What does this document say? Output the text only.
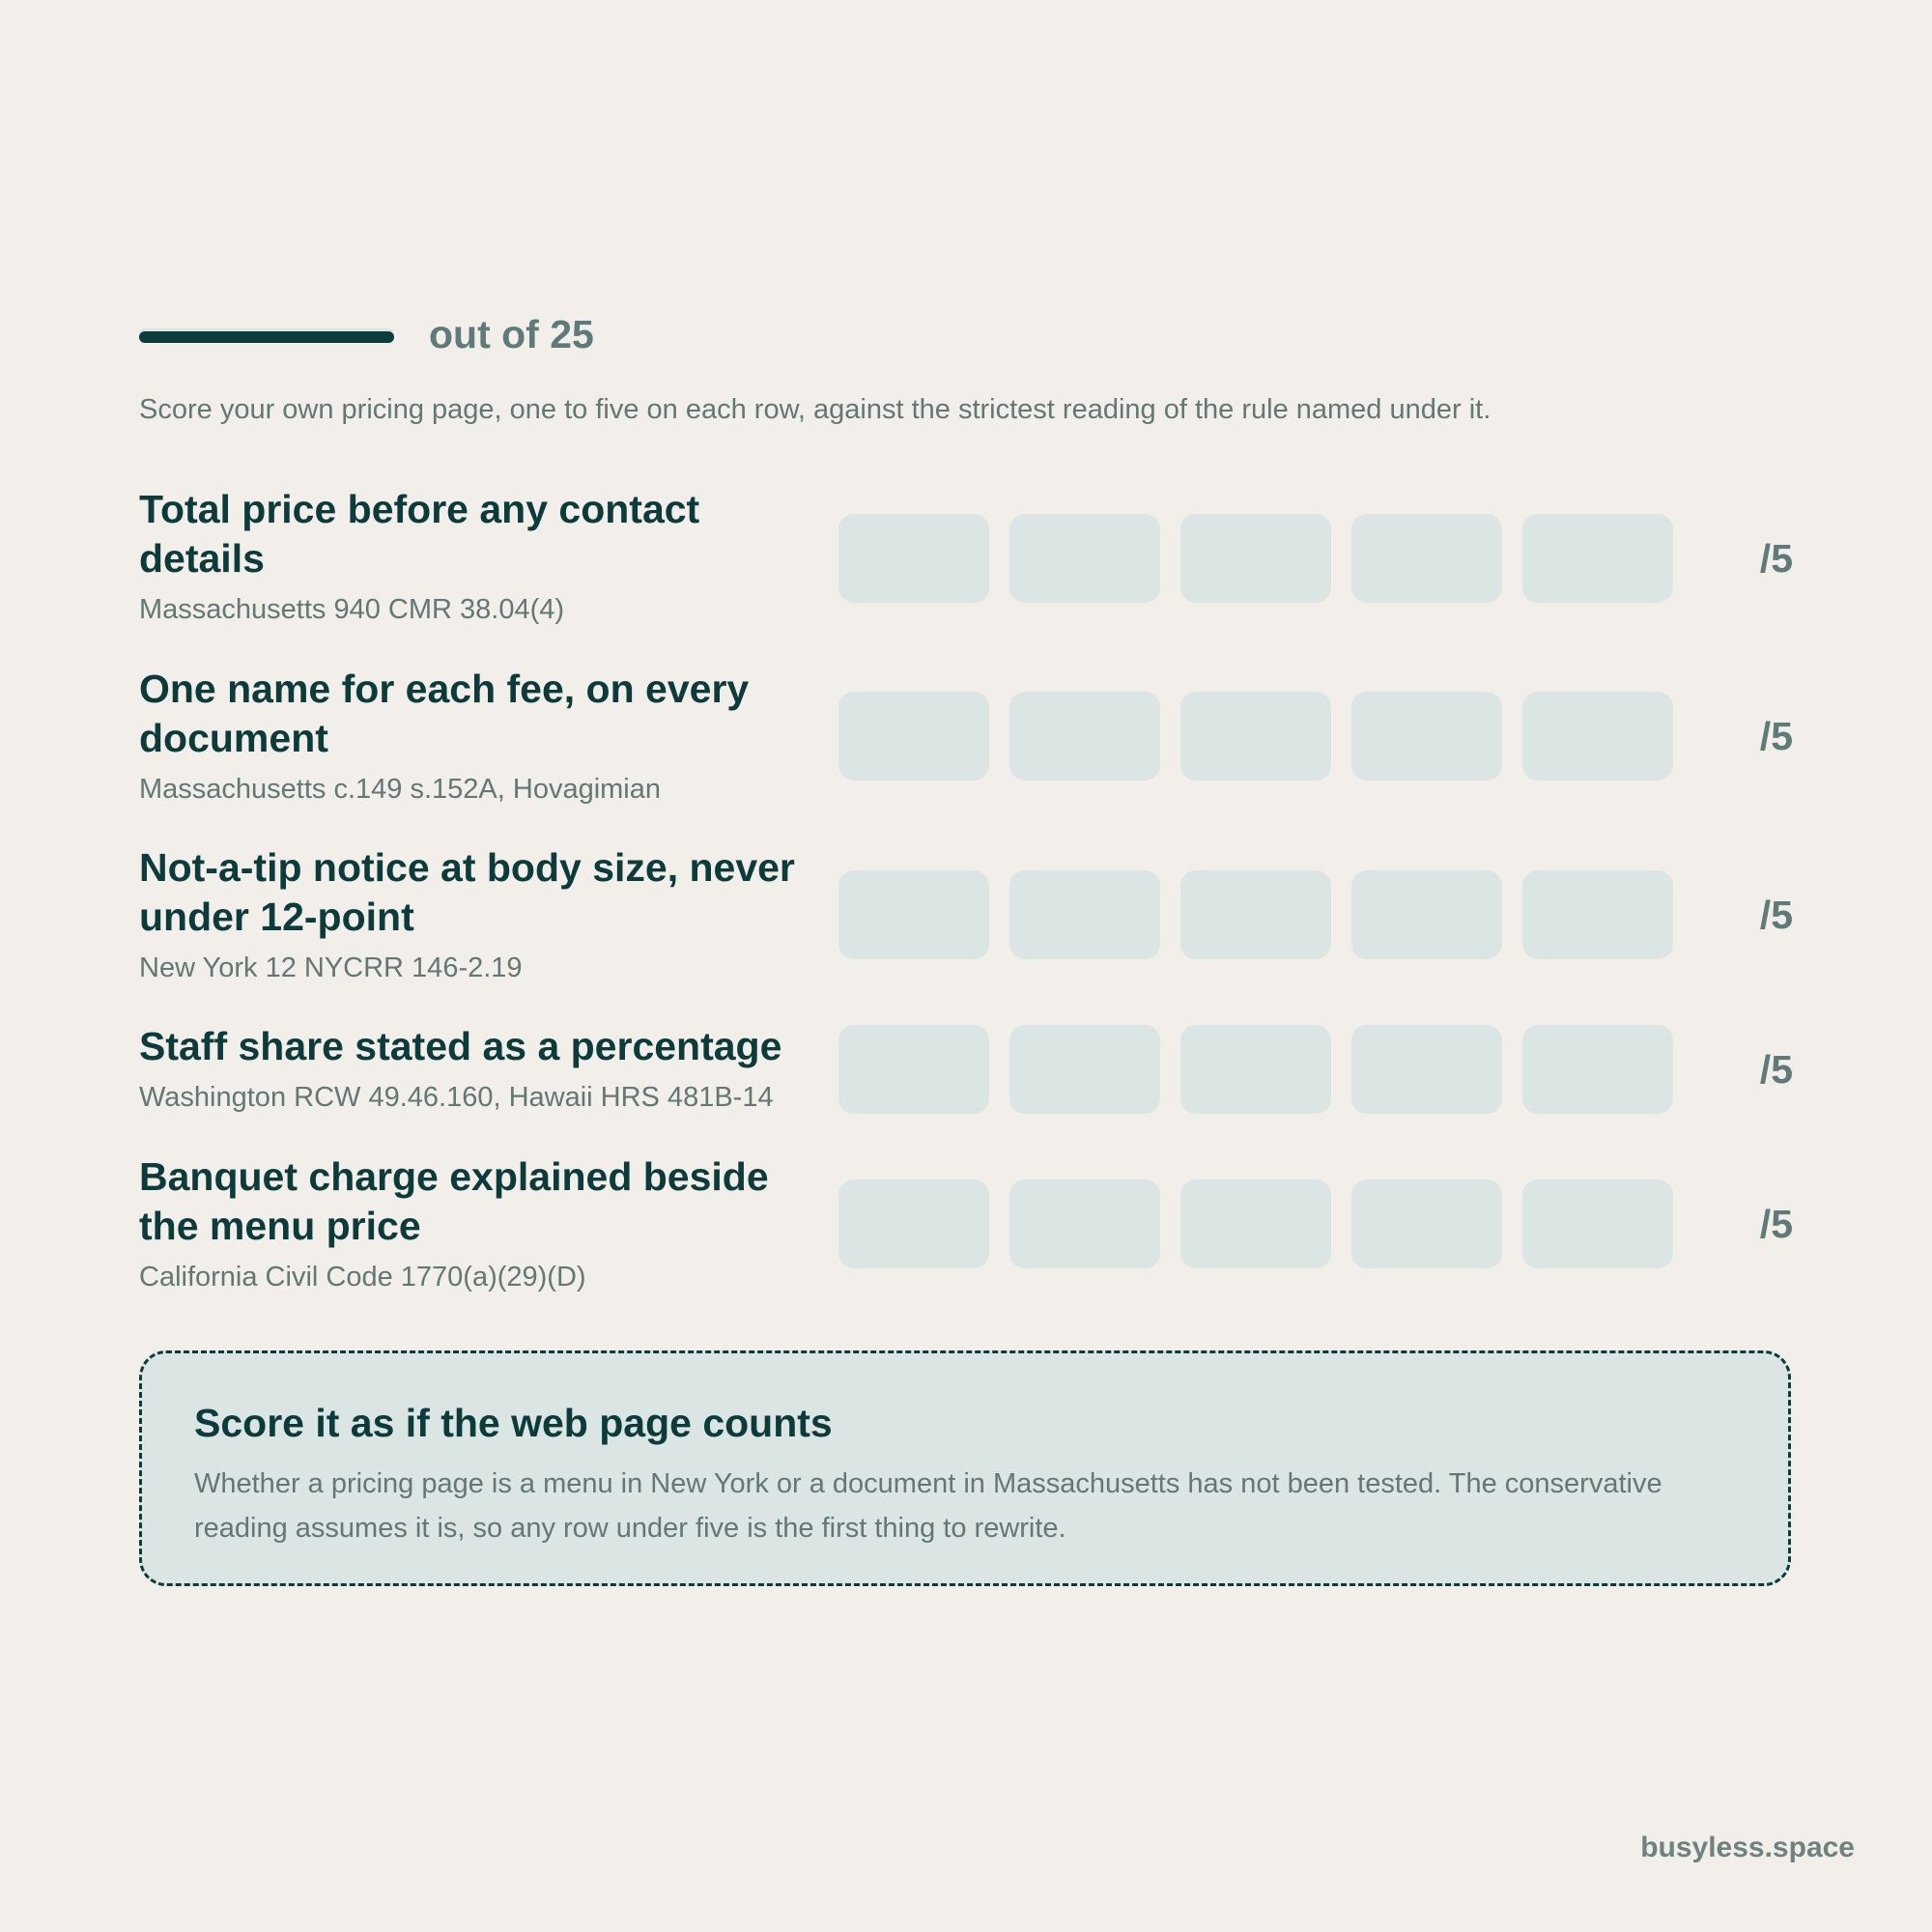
out of 25
Score your own pricing page, one to five on each row, against the strictest reading of the rule named under it.
Total price before any contact details
Massachusetts 940 CMR 38.04(4)
/5
One name for each fee, on every document
Massachusetts c.149 s.152A, Hovagimian
/5
Not-a-tip notice at body size, never under 12-point
New York 12 NYCRR 146-2.19
/5
Staff share stated as a percentage
Washington RCW 49.46.160, Hawaii HRS 481B-14
/5
Banquet charge explained beside the menu price
California Civil Code 1770(a)(29)(D)
/5
Score it as if the web page counts
Whether a pricing page is a menu in New York or a document in Massachusetts has not been tested. The conservative reading assumes it is, so any row under five is the first thing to rewrite.
busyless.space
